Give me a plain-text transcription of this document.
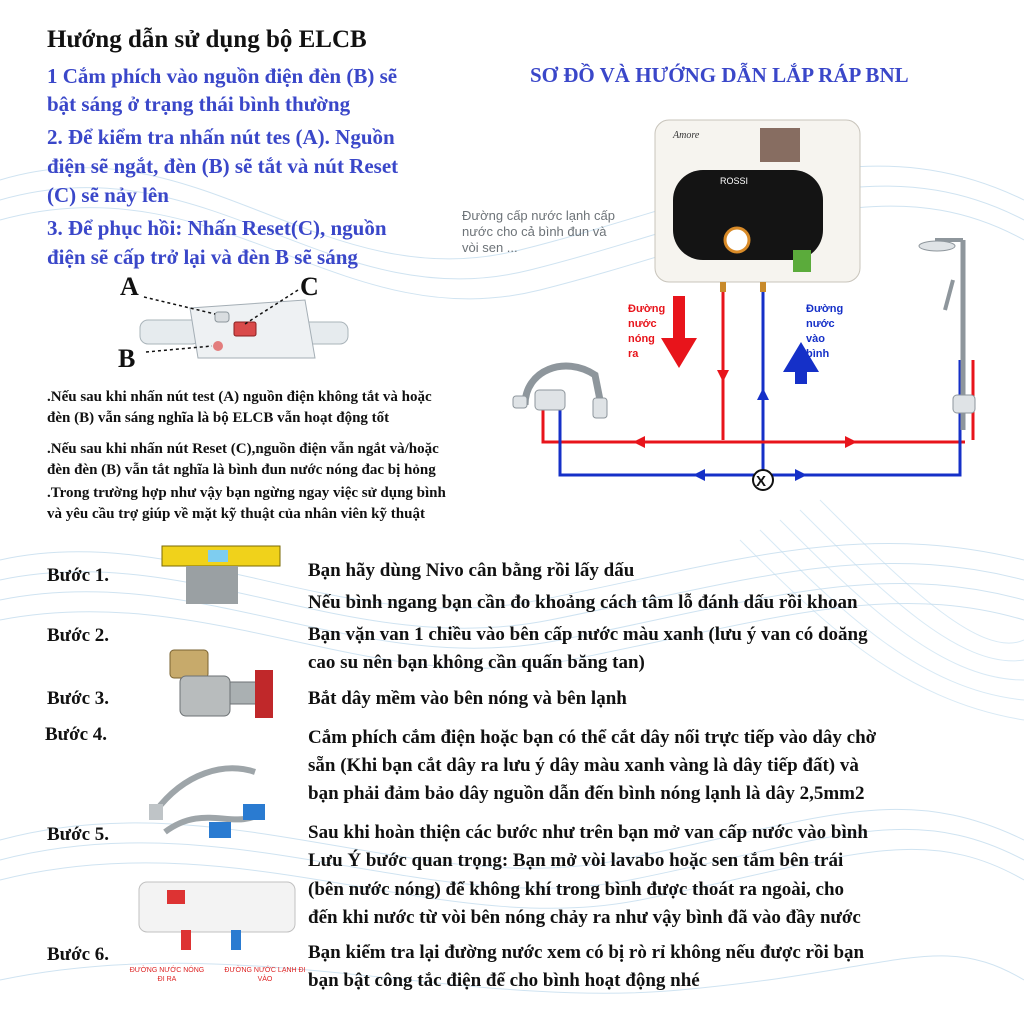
Hướng dẫn sử dụng bộ ELCB
1 Cắm phích vào nguồn điện đèn (B) sẽ
bật sáng ở trạng thái bình thường
2. Để kiểm tra nhấn nút tes (A). Nguồn
điện sẽ ngắt, đèn (B) sẽ tắt và nút Reset
(C) sẽ nảy lên
3. Để phục hồi: Nhấn Reset(C), nguồn
điện sẽ cấp trở lại và đèn B sẽ sáng
A	C
B
.Nếu sau khi nhấn nút test (A) nguồn điện không tắt và hoặc
đèn (B) vẫn sáng nghĩa là bộ ELCB vẫn hoạt động tốt
.Nếu sau khi nhấn nút Reset (C),nguồn điện vẫn ngắt và/hoặc
đèn đèn (B) vẫn tắt nghĩa là bình đun nước nóng đac bị hỏng
.Trong trường hợp như vậy bạn ngừng ngay việc sử dụng bình
và yêu cầu trợ giúp về mặt kỹ thuật của nhân viên kỹ thuật
SƠ ĐỒ VÀ HƯỚNG DẪN LẮP RÁP BNL
ROSSI
Amore
X
Đường cấp nước lạnh cấp
nước cho cả bình đun và
vòi sen ...
Đường
nước
nóng
ra
Đường
nước
vào
bình
ĐƯỜNG NƯỚC NÓNG ĐI RA
ĐƯỜNG NƯỚC LẠNH ĐI VÀO
Bước 1.	Bạn hãy dùng Nivo cân bằng rồi lấy dấu
Nếu bình ngang bạn cần đo khoảng cách tâm lỗ đánh dấu rồi khoan
Bước 2.	Bạn vặn van 1 chiều vào bên cấp nước màu xanh (lưu ý van có doăng
cao su nên bạn không cần quấn băng tan)
Bước 3.	Bắt dây mềm vào bên nóng và bên lạnh
Bước 4.	Cắm phích cắm điện hoặc bạn có thể cắt dây nối trực tiếp vào dây chờ
sẵn (Khi bạn cắt dây ra lưu ý dây màu xanh vàng là dây tiếp đất) và
bạn phải đảm bảo dây nguồn dẫn đến bình nóng lạnh là dây 2,5mm2
Bước 5.	Sau khi hoàn thiện các bước như trên bạn mở van cấp nước vào bình
Lưu Ý bước quan trọng: Bạn mở vòi lavabo hoặc sen tắm bên trái
(bên nước nóng) để không khí trong bình được thoát ra ngoài, cho
đến khi nước từ vòi bên nóng chảy ra như vậy bình đã vào đầy nước
Bước 6.	Bạn kiểm tra lại đường nước xem có bị rò rỉ không nếu được rồi bạn
bạn bật công tắc điện để cho bình hoạt động nhé
